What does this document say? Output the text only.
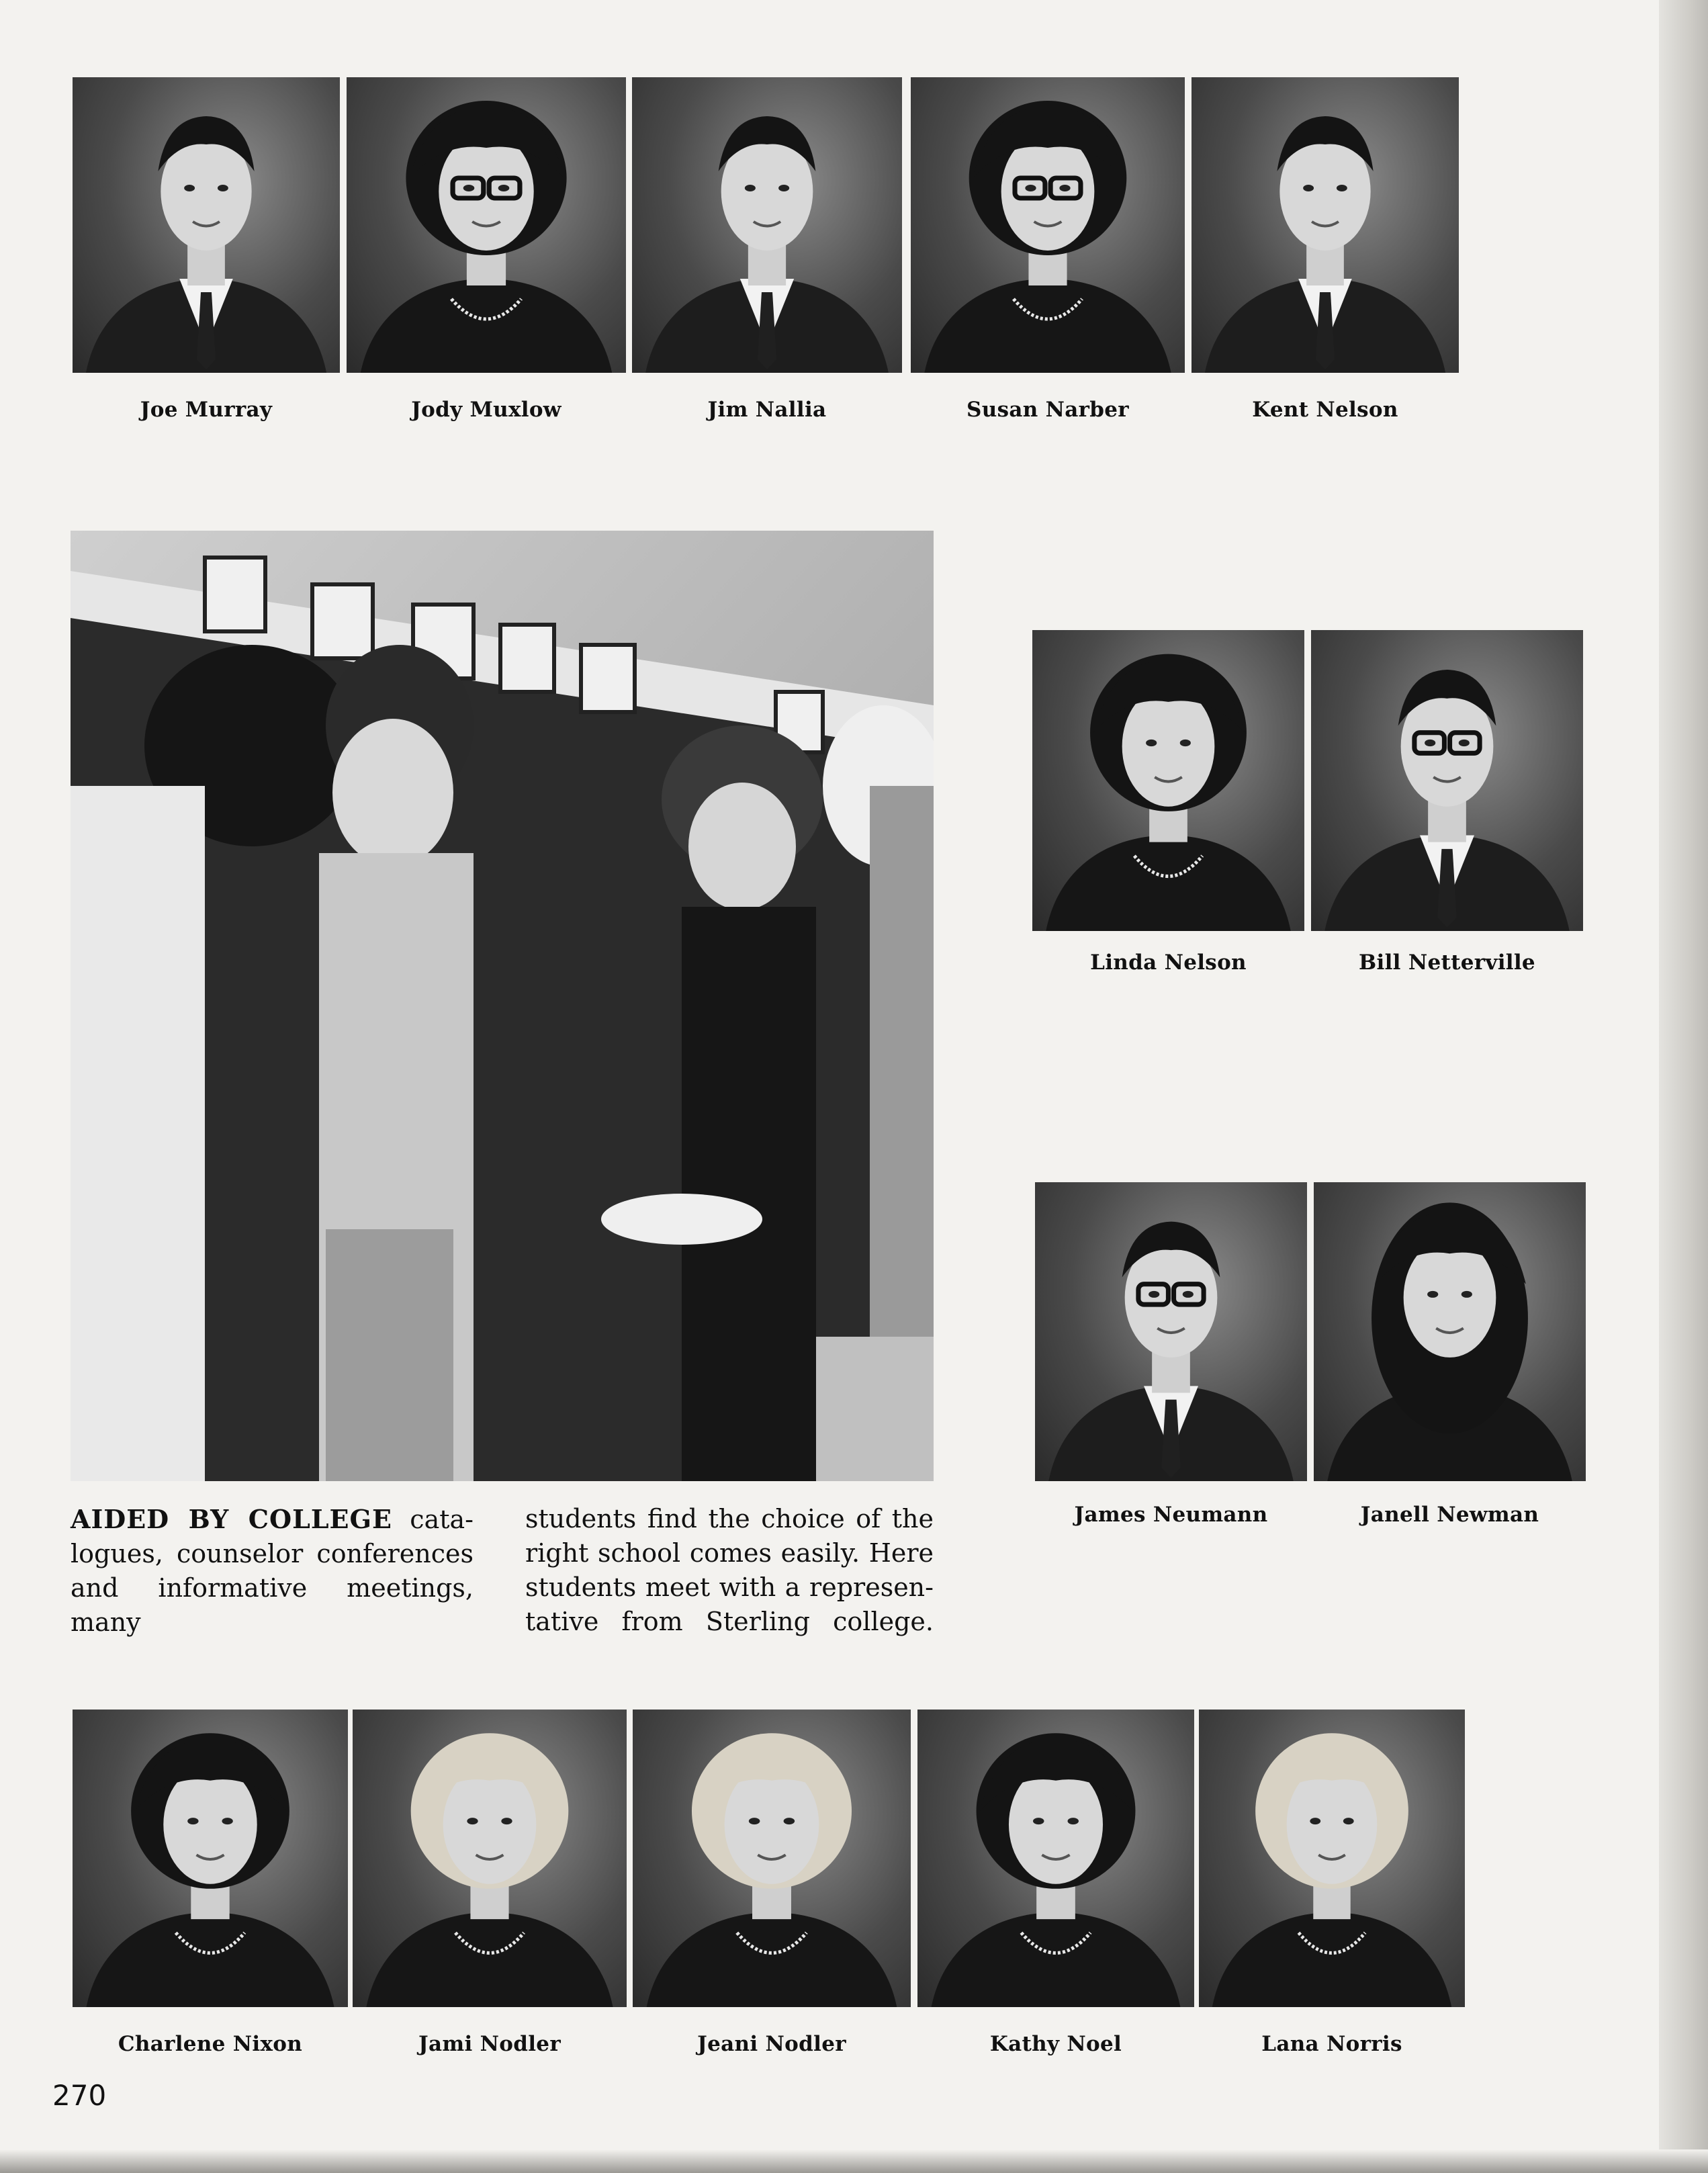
Joe Murray	Jody Muxlow	Jim Nallia	Susan Narber	Kent Nelson
AIDED BY COLLEGE cata-logues, counselor conferences and informative meetings, many
students find the choice of the right school comes easily. Here students meet with a represen-tative from Sterling college.
Linda Nelson	Bill Netterville
James Neumann	Janell Newman
Charlene Nixon	Jami Nodler	Jeani Nodler	Kathy Noel	Lana Norris
270
